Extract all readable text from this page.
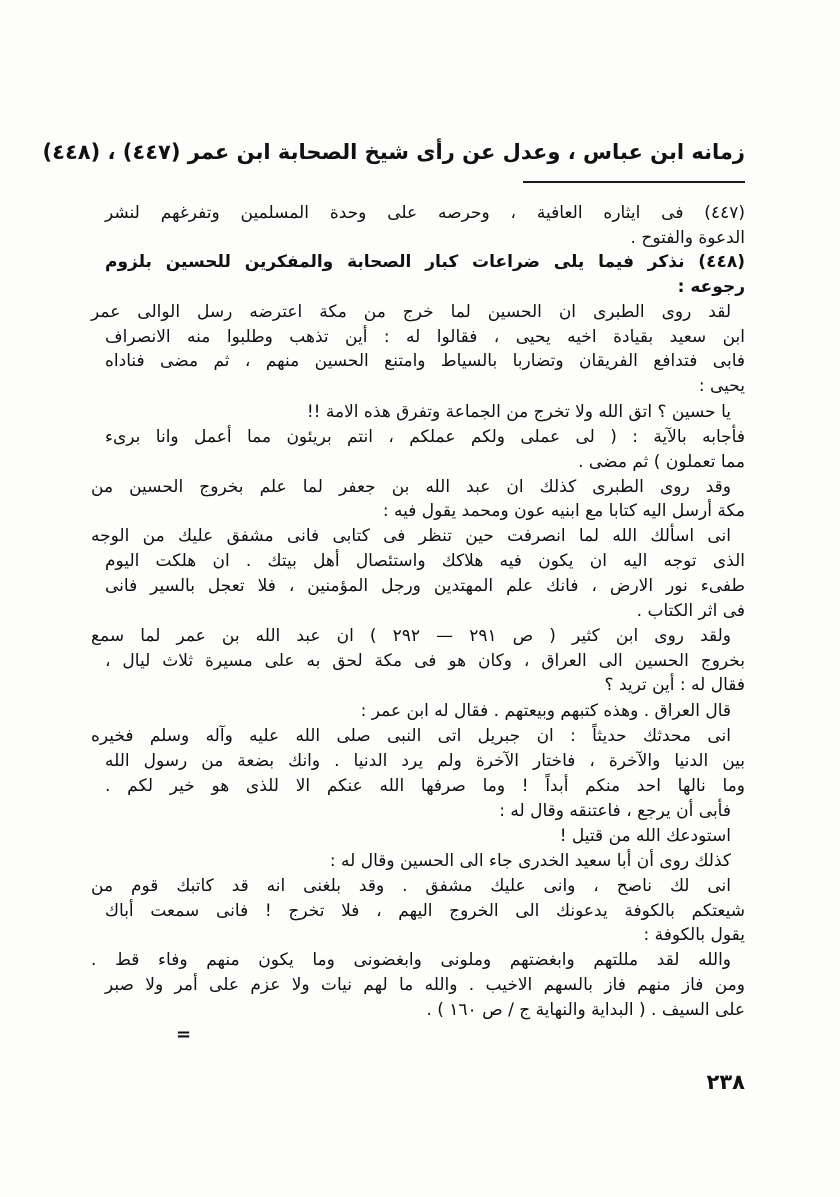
زمانه ابن عباس ، وعدل عن رأى شيخ الصحابة ابن عمر (٤٤٧) ، (٤٤٨)
(٤٤٧) فى ايثاره العافية ، وحرصه على وحدة المسلمين وتفرغهم لنشر
الدعوة والفتوح .
(٤٤٨) نذكر فيما يلى ضراعات كبار الصحابة والمفكرين للحسين بلزوم
رجوعه :
لقد روى الطبرى ان الحسين لما خرج من مكة اعترضه رسل الوالى عمر
ابن سعيد بقيادة اخيه يحيى ، فقالوا له : أين تذهب وطلبوا منه الانصراف
فابى فتدافع الفريقان وتضاربا بالسياط وامتنع الحسين منهم ، ثم مضى فناداه
يحيى :
يا حسين ؟ اتق الله ولا تخرج من الجماعة وتفرق هذه الامة !!
فأجابه بالآية : ( لى عملى ولكم عملكم ، انتم بريئون مما أعمل وانا برىء
مما تعملون ) ثم مضى .
وقد روى الطبرى كذلك ان عبد الله بن جعفر لما علم بخروج الحسين من
مكة أرسل اليه كتابا مع ابنيه عون ومحمد يقول فيه :
انى اسألك الله لما انصرفت حين تنظر فى كتابى فانى مشفق عليك من الوجه
الذى توجه اليه ان يكون فيه هلاكك واستئصال أهل بيتك . ان هلكت اليوم
طفىء نور الارض ، فانك علم المهتدين ورجل المؤمنين ، فلا تعجل بالسير فانى
فى اثر الكتاب .
ولقد روى ابن كثير ( ص ٢٩١ — ٢٩٢ ) ان عبد الله بن عمر لما سمع
بخروج الحسين الى العراق ، وكان هو فى مكة لحق به على مسيرة ثلاث ليال ،
فقال له : أين تريد ؟
قال العراق . وهذه كتبهم وبيعتهم . فقال له ابن عمر :
انى محدثك حديثاً : ان جبريل اتى النبى صلى الله عليه وآله وسلم فخيره
بين الدنيا والآخرة ، فاختار الآخرة ولم يرد الدنيا . وانك بضعة من رسول الله
وما نالها احد منكم أبداً ! وما صرفها الله عنكم الا للذى هو خير لكم .
فأبى أن يرجع ، فاعتنقه وقال له :
استودعك الله من قتيل !
كذلك روى أن أبا سعيد الخدرى جاء الى الحسين وقال له :
انى لك ناصح ، وانى عليك مشفق . وقد بلغنى انه قد كاتبك قوم من
شيعتكم بالكوفة يدعونك الى الخروج اليهم ، فلا تخرج ! فانى سمعت أباك
يقول بالكوفة :
والله لقد مللتهم وابغضتهم وملونى وابغضونى وما يكون منهم وفاء قط .
ومن فاز منهم فاز بالسهم الاخيب . والله ما لهم نيات ولا عزم على أمر ولا صبر
على السيف . ( البداية والنهاية ج / ص ١٦٠ ) .
=
٢٣٨
